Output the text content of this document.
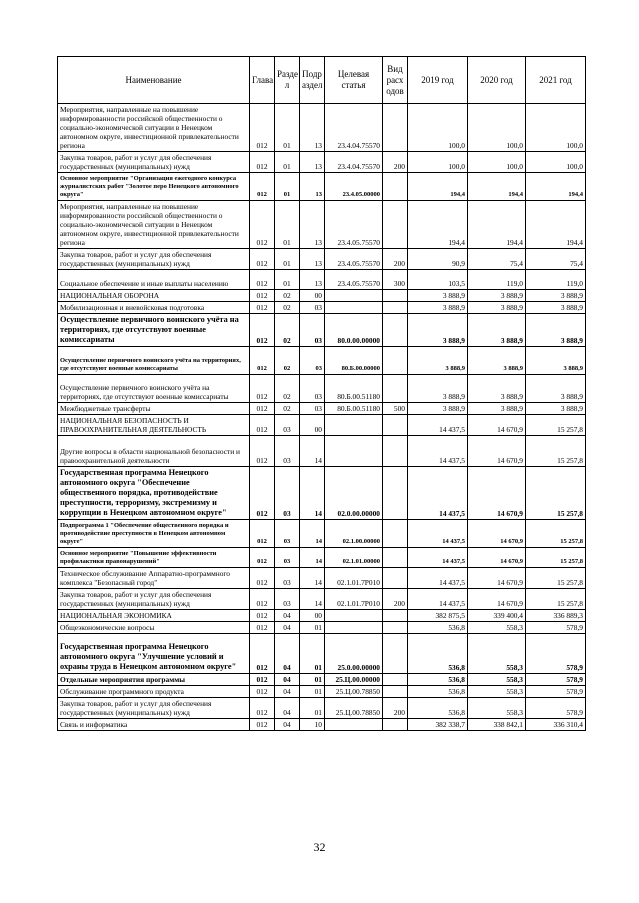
Наименование	Глава	Разде л	Подр аздел	Целевая статья	Вид расх одов	2019 год	2020 год	2021 год
Мероприятия, направленные на повышение информированности российской общественности о социально-экономической ситуации в Ненецком автономном округе, инвестиционной привлекательности региона	012	01	13	23.4.04.75570		100,0	100,0	100,0
Закупка товаров, работ и услуг для обеспечения государственных (муниципальных) нужд	012	01	13	23.4.04.75570	200	100,0	100,0	100,0
Основное мероприятие "Организация ежегодного конкурса журналистских работ "Золотое перо Ненецкого автономного округа"	012	01	13	23.4.05.00000		194,4	194,4	194,4
Мероприятия, направленные на повышение информированности российской общественности о социально-экономической ситуации в Ненецком автономном округе, инвестиционной привлекательности региона	012	01	13	23.4.05.75570		194,4	194,4	194,4
Закупка товаров, работ и услуг для обеспечения государственных (муниципальных) нужд	012	01	13	23.4.05.75570	200	90,9	75,4	75,4
Социальное обеспечение и иные выплаты населению	012	01	13	23.4.05.75570	300	103,5	119,0	119,0
НАЦИОНАЛЬНАЯ ОБОРОНА	012	02	00			3 888,9	3 888,9	3 888,9
Мобилизационная и вневойсковая подготовка	012	02	03			3 888,9	3 888,9	3 888,9
Осуществление первичного воинского учёта на территориях, где отсутствуют военные комиссариаты	012	02	03	80.0.00.00000		3 888,9	3 888,9	3 888,9
Осуществление первичного воинского учёта на территориях, где отсутствуют военные комиссариаты	012	02	03	80.Б.00.00000		3 888,9	3 888,9	3 888,9
Осуществление первичного воинского учёта на территориях, где отсутствуют военные комиссариаты	012	02	03	80.Б.00.51180		3 888,9	3 888,9	3 888,9
Межбюджетные трансферты	012	02	03	80.Б.00.51180	500	3 888,9	3 888,9	3 888,9
НАЦИОНАЛЬНАЯ БЕЗОПАСНОСТЬ И ПРАВООХРАНИТЕЛЬНАЯ ДЕЯТЕЛЬНОСТЬ	012	03	00			14 437,5	14 670,9	15 257,8
Другие вопросы в области национальной безопасности и правоохранительной деятельности	012	03	14			14 437,5	14 670,9	15 257,8
Государственная программа Ненецкого автономного округа "Обеспечение общественного порядка, противодействие преступности, терроризму, экстремизму и коррупции в Ненецком автономном округе"	012	03	14	02.0.00.00000		14 437,5	14 670,9	15 257,8
Подпрограмма 1 "Обеспечение общественного порядка и противодействие преступности в Ненецком автономном округе"	012	03	14	02.1.00.00000		14 437,5	14 670,9	15 257,8
Основное мероприятие "Повышение эффективности профилактики правонарушений"	012	03	14	02.1.01.00000		14 437,5	14 670,9	15 257,8
Техническое обслуживание Аппаратно-программного комплекса "Безопасный город"	012	03	14	02.1.01.7Р010		14 437,5	14 670,9	15 257,8
Закупка товаров, работ и услуг для обеспечения государственных (муниципальных) нужд	012	03	14	02.1.01.7Р010	200	14 437,5	14 670,9	15 257,8
НАЦИОНАЛЬНАЯ ЭКОНОМИКА	012	04	00			382 875,5	339 400,4	336 889,3
Общеэкономические вопросы	012	04	01			536,8	558,3	578,9
Государственная программа Ненецкого автономного округа "Улучшение условий и охраны труда в Ненецком автономном округе"	012	04	01	25.0.00.00000		536,8	558,3	578,9
Отдельные мероприятия программы	012	04	01	25.Ц.00.00000		536,8	558,3	578,9
Обслуживание программного продукта	012	04	01	25.Ц.00.78850		536,8	558,3	578,9
Закупка товаров, работ и услуг для обеспечения государственных (муниципальных) нужд	012	04	01	25.Ц.00.78850	200	536,8	558,3	578,9
Связь и информатика	012	04	10			382 338,7	338 842,1	336 310,4
32
